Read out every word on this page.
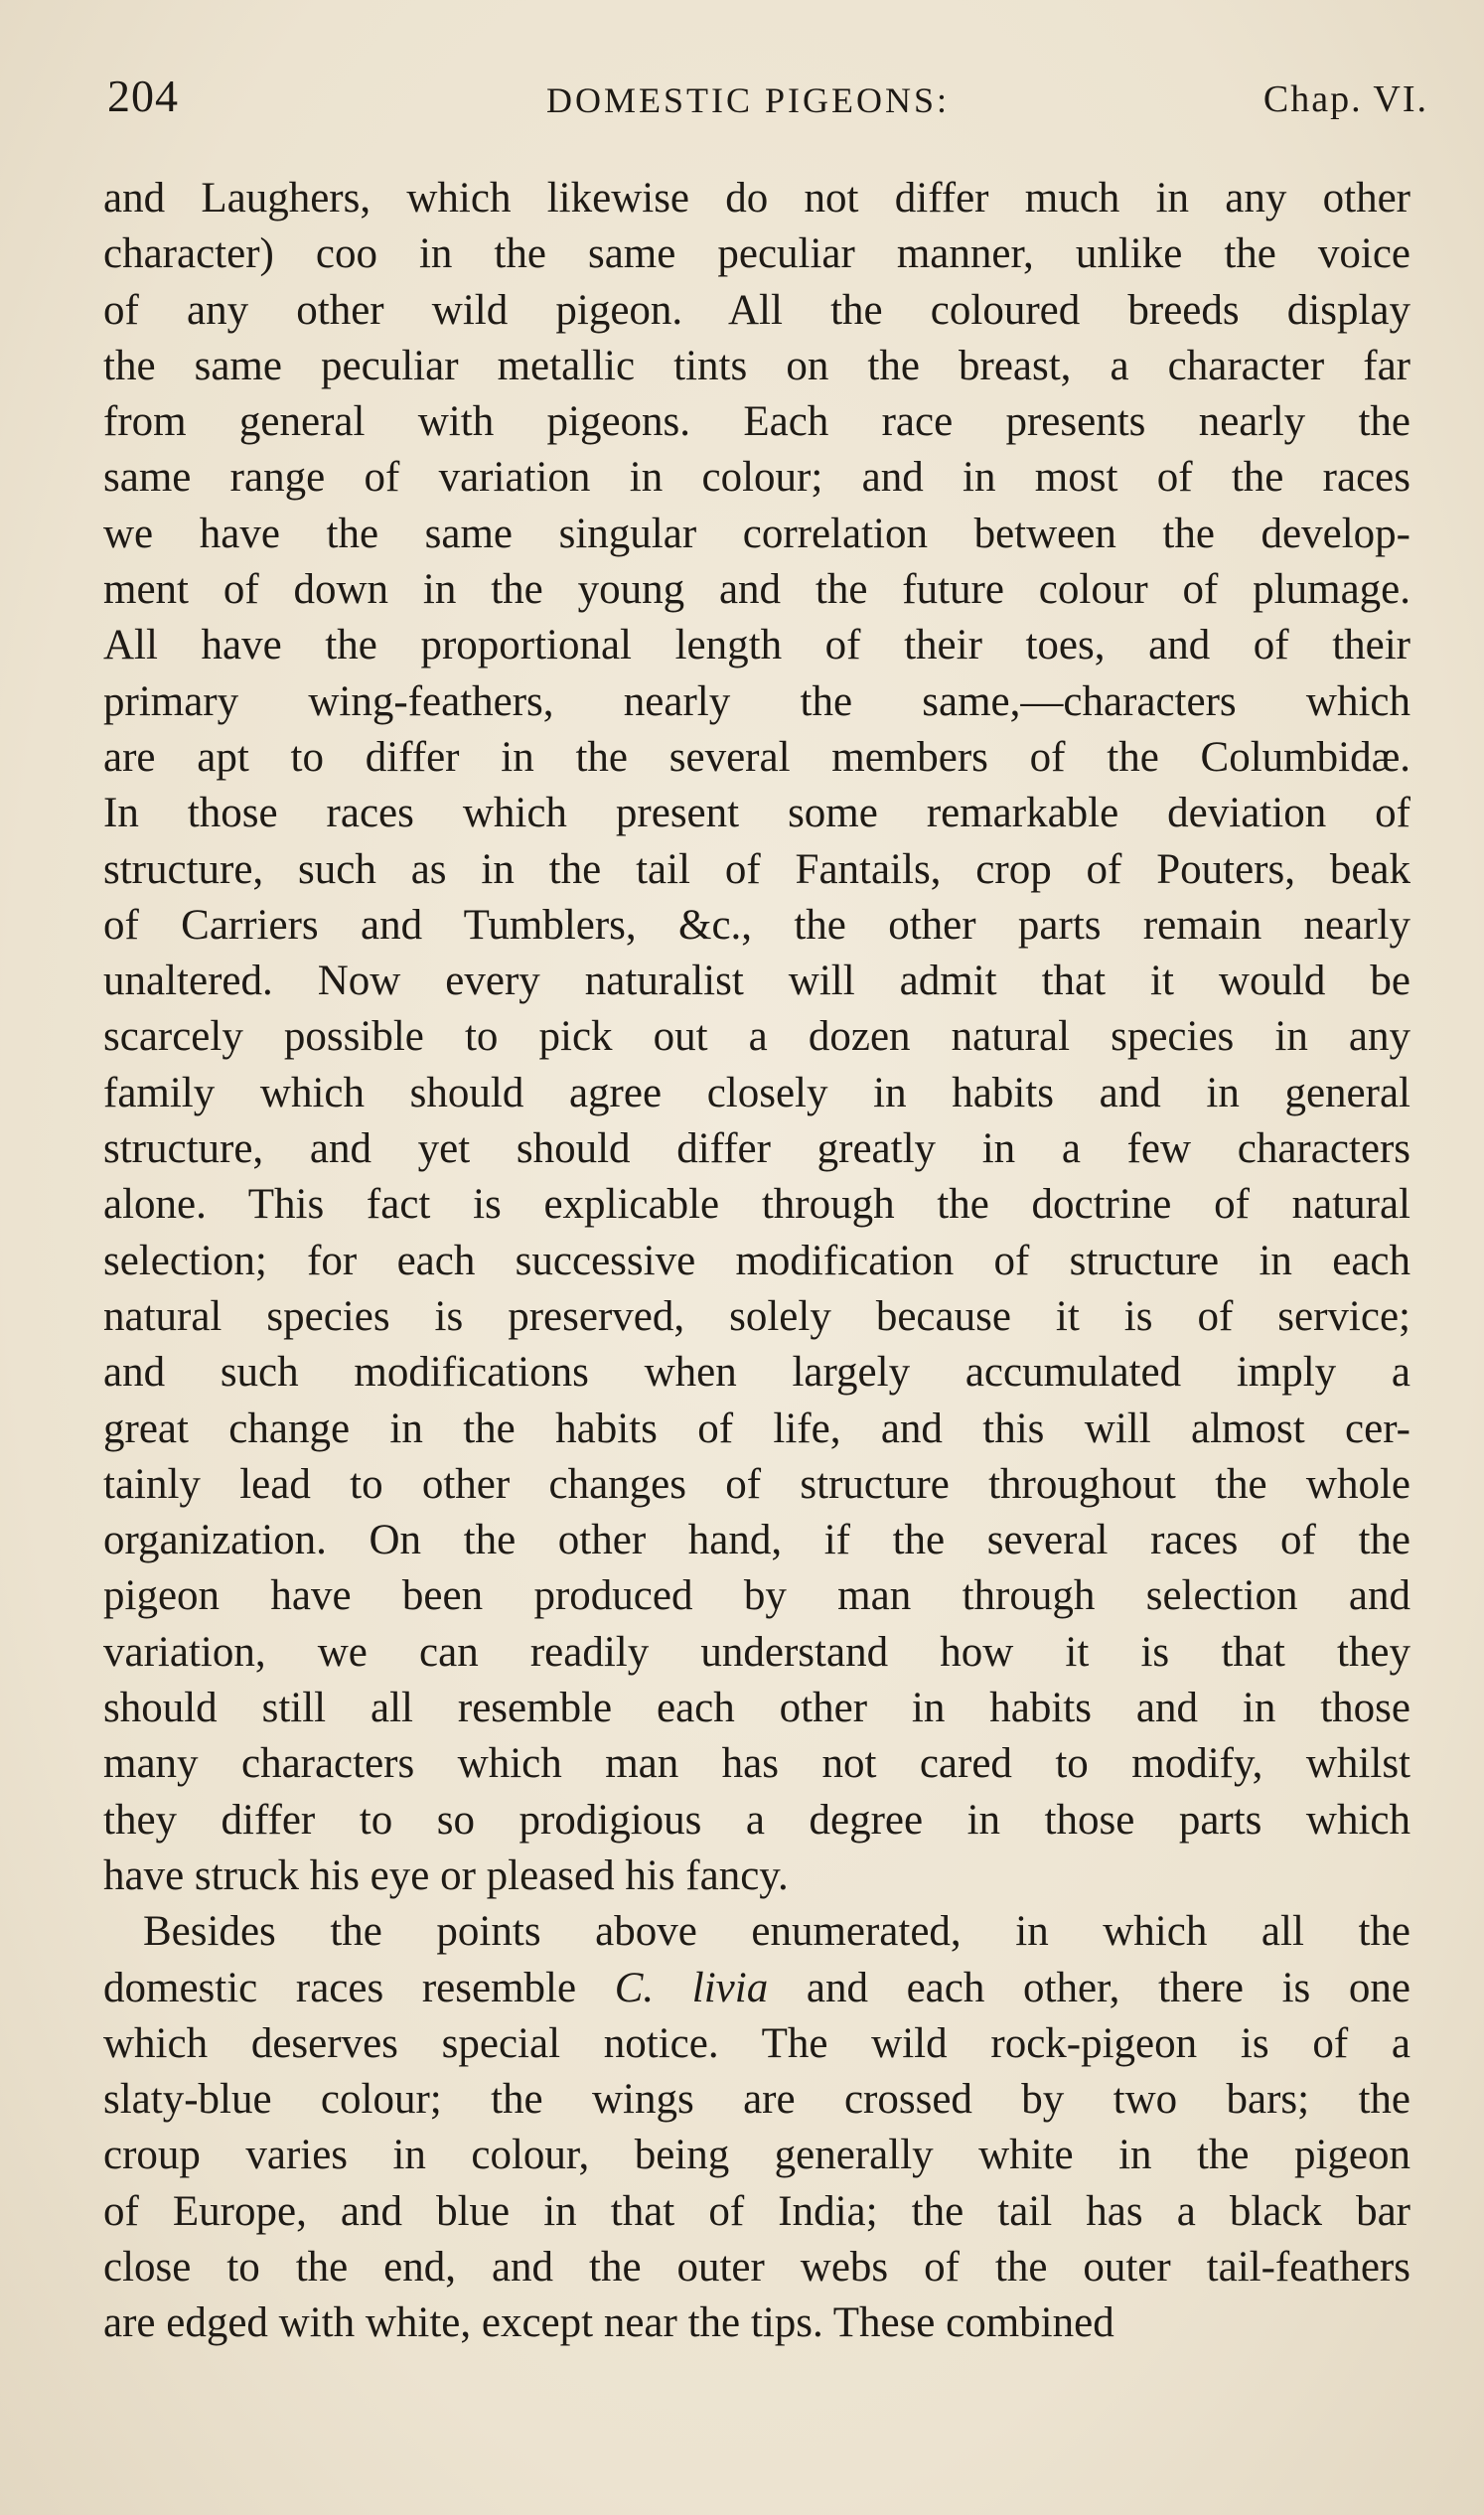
204	DOMESTIC PIGEONS:	Chap. VI.
and Laughers, which likewise do not differ much in any other
character) coo in the same peculiar manner, unlike the voice
of any other wild pigeon. All the coloured breeds display
the same peculiar metallic tints on the breast, a character far
from general with pigeons. Each race presents nearly the
same range of variation in colour; and in most of the races
we have the same singular correlation between the develop-
ment of down in the young and the future colour of plumage.
All have the proportional length of their toes, and of their
primary wing-feathers, nearly the same,—characters which
are apt to differ in the several members of the Columbidæ.
In those races which present some remarkable deviation of
structure, such as in the tail of Fantails, crop of Pouters, beak
of Carriers and Tumblers, &c., the other parts remain nearly
unaltered. Now every naturalist will admit that it would be
scarcely possible to pick out a dozen natural species in any
family which should agree closely in habits and in general
structure, and yet should differ greatly in a few characters
alone. This fact is explicable through the doctrine of natural
selection; for each successive modification of structure in each
natural species is preserved, solely because it is of service;
and such modifications when largely accumulated imply a
great change in the habits of life, and this will almost cer-
tainly lead to other changes of structure throughout the whole
organization. On the other hand, if the several races of the
pigeon have been produced by man through selection and
variation, we can readily understand how it is that they
should still all resemble each other in habits and in those
many characters which man has not cared to modify, whilst
they differ to so prodigious a degree in those parts which
have struck his eye or pleased his fancy.
Besides the points above enumerated, in which all the
domestic races resemble C. livia and each other, there is one
which deserves special notice. The wild rock-pigeon is of a
slaty-blue colour; the wings are crossed by two bars; the
croup varies in colour, being generally white in the pigeon
of Europe, and blue in that of India; the tail has a black bar
close to the end, and the outer webs of the outer tail-feathers
are edged with white, except near the tips. These combined
